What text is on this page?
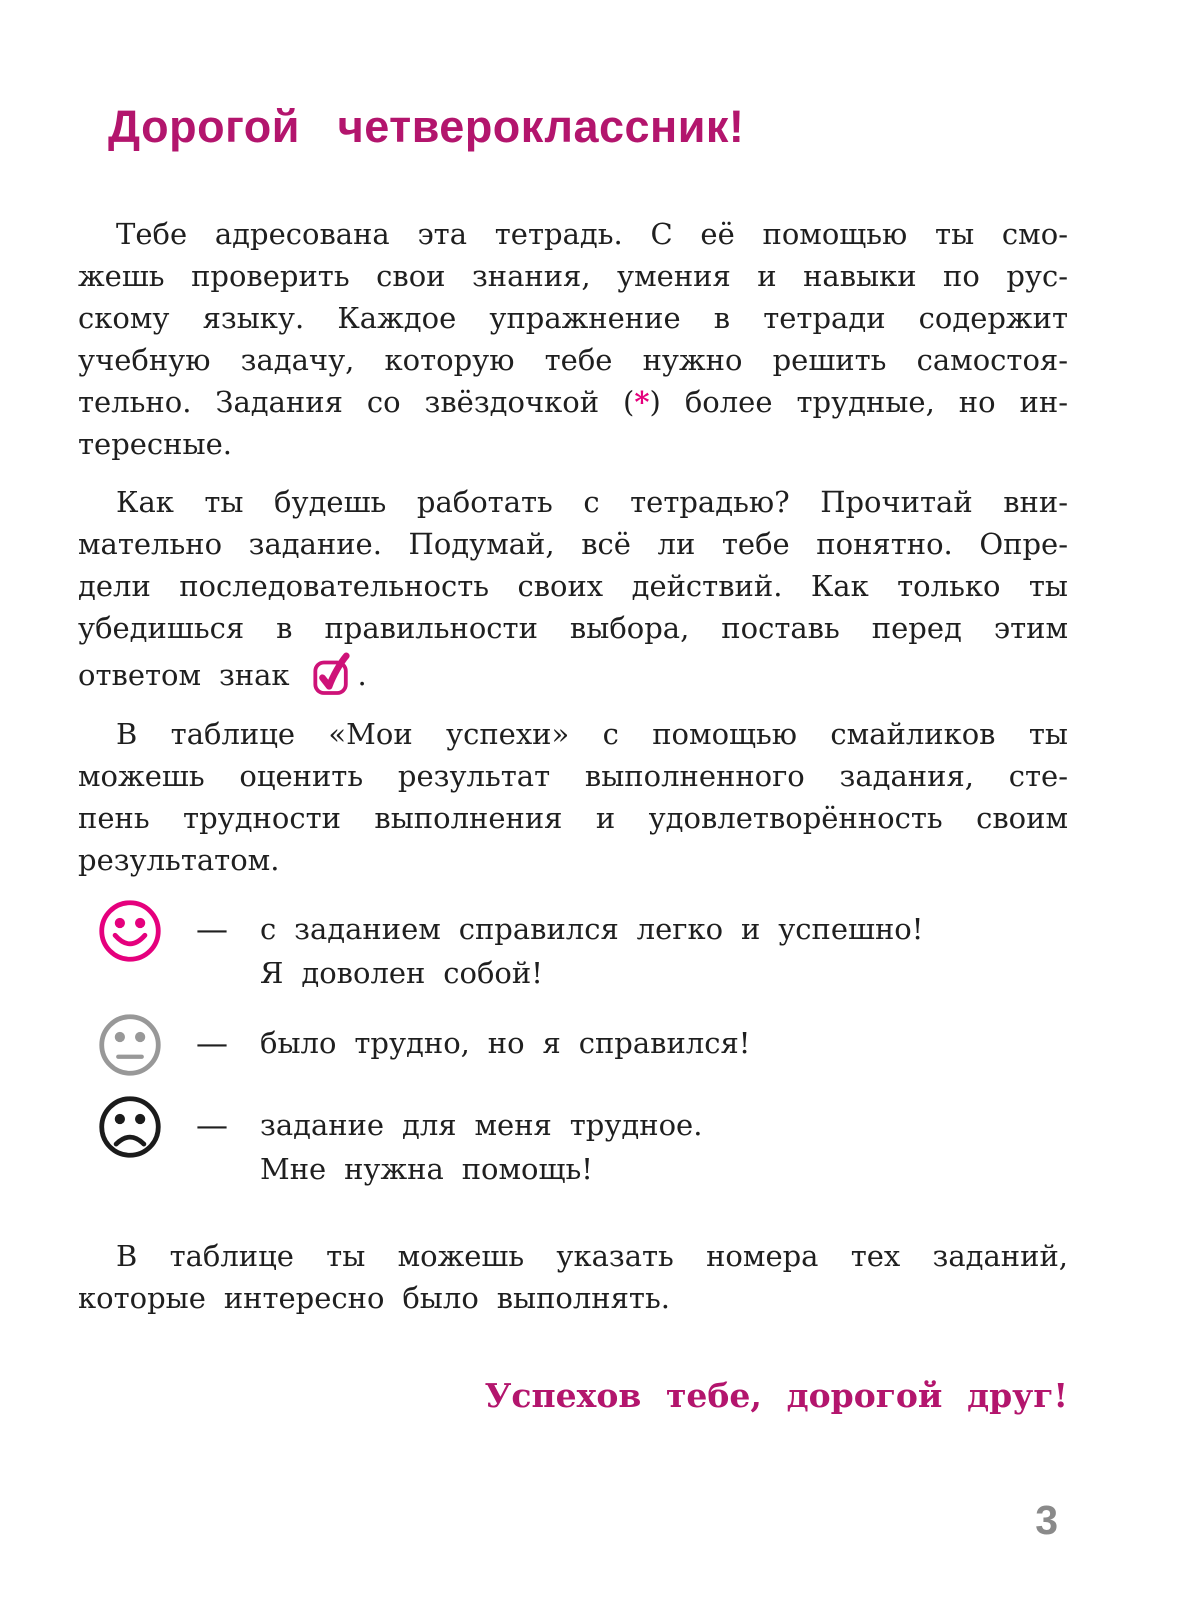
Дорогой четвероклассник!
Тебе адресована эта тетрадь. С её помощью ты смо-
жешь проверить свои знания, умения и навыки по рус-
скому языку. Каждое упражнение в тетради содержит
учебную задачу, которую тебе нужно решить самостоя-
тельно. Задания со звёздочкой (*) более трудные, но ин-
тересные.
Как ты будешь работать с тетрадью? Прочитай вни-
мательно задание. Подумай, всё ли тебе понятно. Опре-
дели последовательность своих действий. Как только ты
убедишься в правильности выбора, поставь перед этим
ответом знак .
В таблице «Мои успехи» с помощью смайликов ты
можешь оценить результат выполненного задания, сте-
пень трудности выполнения и удовлетворённость своим
результатом.
—	с заданием справился легко и успешно!
Я доволен собой!
—	было трудно, но я справился!
—	задание для меня трудное.
Мне нужна помощь!
В таблице ты можешь указать номера тех заданий,
которые интересно было выполнять.
Успехов тебе, дорогой друг!
3
